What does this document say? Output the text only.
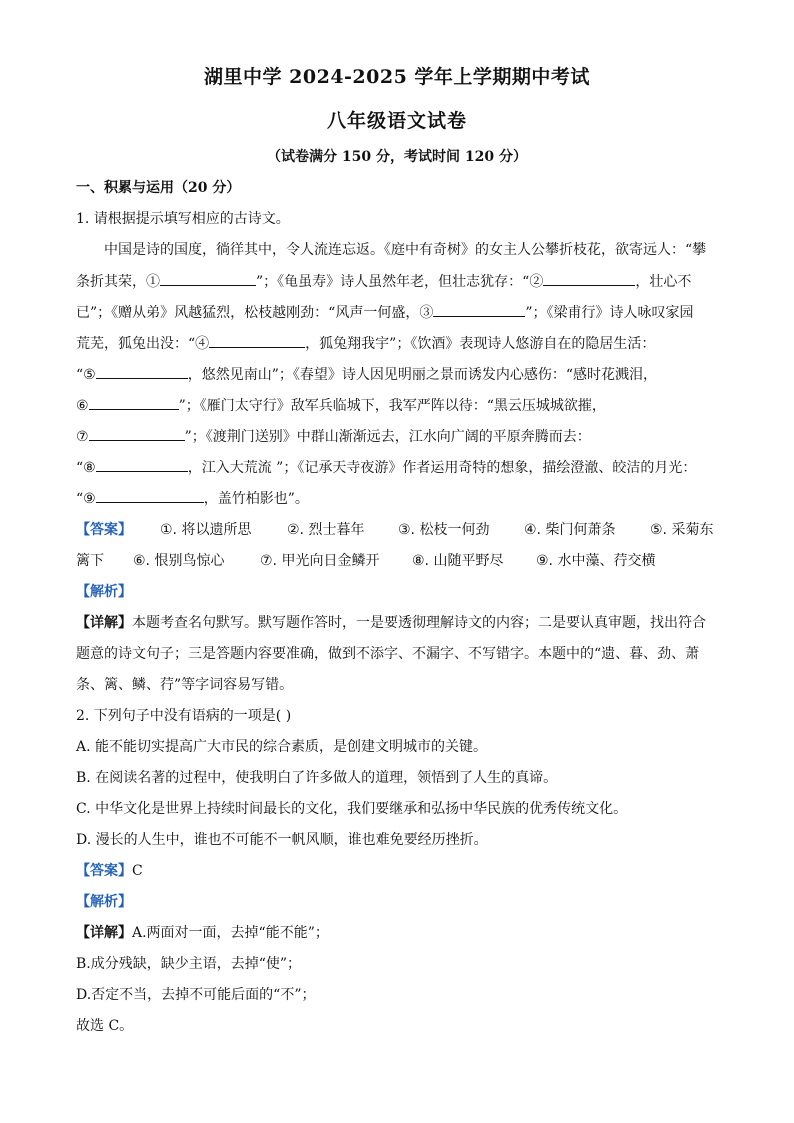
湖里中学 2024-2025 学年上学期期中考试
八年级语文试卷
（试卷满分 150 分，考试时间 120 分）
一、积累与运用（20 分）
1. 请根据提示填写相应的古诗文。
中国是诗的国度，徜徉其中，令人流连忘返。《庭中有奇树》的女主人公攀折枝花，欲寄远人：“攀
条折其荣，①	”；《龟虽寿》诗人虽然年老，但壮志犹存：“②	，壮心不
已”；《赠从弟》风越猛烈，松枝越刚劲：“风声一何盛，③	”；《梁甫行》诗人咏叹家园
荒芜，狐兔出没：“④	，狐兔翔我宇”；《饮酒》表现诗人悠游自在的隐居生活：
“⑤	，悠然见南山”；《春望》诗人因见明丽之景而诱发内心感伤：“感时花溅泪，
⑥	”；《雁门太守行》敌军兵临城下，我军严阵以待：“黑云压城城欲摧，
⑦	”；《渡荆门送别》中群山渐渐远去，江水向广阔的平原奔腾而去：
“⑧	，江入大荒流 ”；《记承天寺夜游》作者运用奇特的想象，描绘澄澈、皎洁的月光：
“⑨	，盖竹柏影也”。
【答案】 ①. 将以遗所思	②. 烈士暮年 ③. 松枝一何劲 ④. 柴门何萧条 ⑤. 采菊东
篱下 ⑥. 恨别鸟惊心	⑦. 甲光向日金鳞开 ⑧. 山随平野尽 ⑨. 水中藻、荇交横
【解析】
【详解】本题考查名句默写。默写题作答时，一是要透彻理解诗文的内容；二是要认真审题，找出符合
题意的诗文句子；三是答题内容要准确，做到不添字、不漏字、不写错字。本题中的“遗、暮、劲、萧
条、篱、鳞、荇”等字词容易写错。
2. 下列句子中没有语病的一项是( )
A. 能不能切实提高广大市民的综合素质，是创建文明城市的关键。
B. 在阅读名著的过程中，使我明白了许多做人的道理，领悟到了人生的真谛。
C. 中华文化是世界上持续时间最长的文化，我们要继承和弘扬中华民族的优秀传统文化。
D. 漫长的人生中，谁也不可能不一帆风顺，谁也难免要经历挫折。
【答案】C
【解析】
【详解】A.两面对一面，去掉“能不能”；
B.成分残缺，缺少主语，去掉“使”；
D.否定不当，去掉不可能后面的“不”；
故选 C。
